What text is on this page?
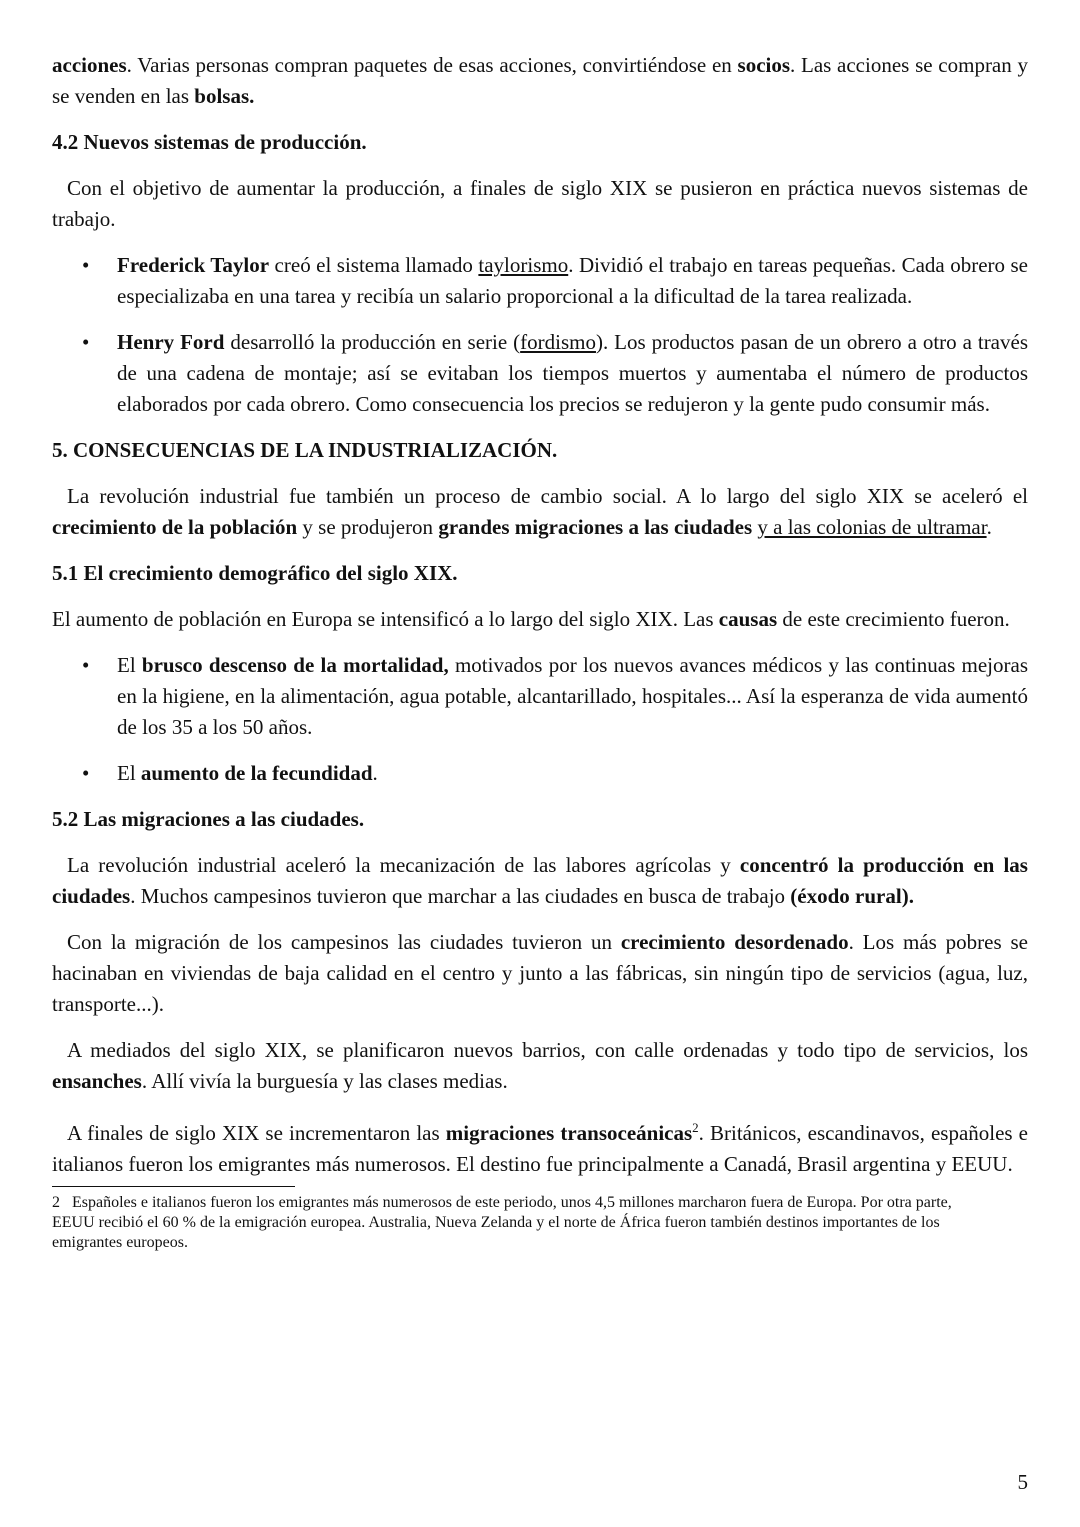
acciones. Varias personas compran paquetes de esas acciones, convirtiéndose en socios. Las acciones se compran y se venden en las bolsas.

4.2 Nuevos sistemas de producción.

Con el objetivo de aumentar la producción, a finales de siglo XIX se pusieron en práctica nuevos sistemas de trabajo.

• Frederick Taylor creó el sistema llamado taylorismo. Dividió el trabajo en tareas pequeñas. Cada obrero se especializaba en una tarea y recibía un salario proporcional a la dificultad de la tarea realizada.
• Henry Ford desarrolló la producción en serie (fordismo). Los productos pasan de un obrero a otro a través de una cadena de montaje; así se evitaban los tiempos muertos y aumentaba el número de productos elaborados por cada obrero. Como consecuencia los precios se redujeron y la gente pudo consumir más.
5. CONSECUENCIAS DE LA INDUSTRIALIZACIÓN.

La revolución industrial fue también un proceso de cambio social. A lo largo del siglo XIX se aceleró el crecimiento de la población y se produjeron grandes migraciones a las ciudades y a las colonias de ultramar.

5.1 El crecimiento demográfico del siglo XIX.

El aumento de población en Europa se intensificó a lo largo del siglo XIX. Las causas de este crecimiento fueron.

• El brusco descenso de la mortalidad, motivados por los nuevos avances médicos y las continuas mejoras en la higiene, en la alimentación, agua potable, alcantarillado, hospitales... Así la esperanza de vida aumentó de los 35 a los 50 años.
• El aumento de la fecundidad.
5.2 Las migraciones a las ciudades.

La revolución industrial aceleró la mecanización de las labores agrícolas y concentró la producción en las ciudades. Muchos campesinos tuvieron que marchar a las ciudades en busca de trabajo (éxodo rural).

Con la migración de los campesinos las ciudades tuvieron un crecimiento desordenado. Los más pobres se hacinaban en viviendas de baja calidad en el centro y junto a las fábricas, sin ningún tipo de servicios (agua, luz, transporte...).

A mediados del siglo XIX, se planificaron nuevos barrios, con calle ordenadas y todo tipo de servicios, los ensanches. Allí vivía la burguesía y las clases medias.

A finales de siglo XIX se incrementaron las migraciones transoceánicas$^2$. Británicos, escandinavos, españoles e italianos fueron los emigrantes más numerosos. El destino fue principalmente a Canadá, Brasil argentina y EEUU.

2 Españoles e italianos fueron los emigrantes más numerosos de este periodo, unos 4,5 millones marcharon fuera de Europa. Por otra parte, EEUU recibió el 60 % de la emigración europea. Australia, Nueva Zelanda y el norte de África fueron también destinos importantes de los emigrantes europeos.

5
